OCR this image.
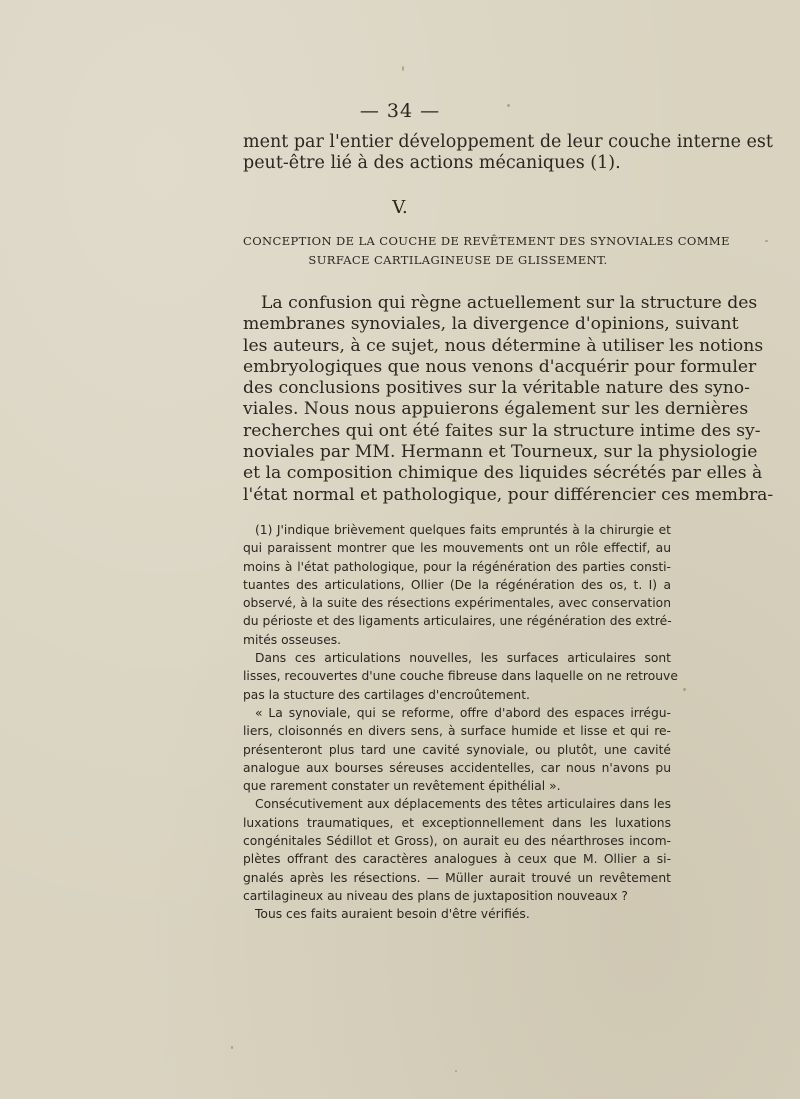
— 34 —
ment par l'entier développement de leur couche interne est
peut-être lié à des actions mécaniques (1).
V.
CONCEPTION DE LA COUCHE DE REVÊTEMENT DES SYNOVIALES COMME
SURFACE CARTILAGINEUSE DE GLISSEMENT.
La confusion qui règne actuellement sur la structure des
membranes synoviales, la divergence d'opinions, suivant
les auteurs, à ce sujet, nous détermine à utiliser les notions
embryologiques que nous venons d'acquérir pour formuler
des conclusions positives sur la véritable nature des syno-
viales. Nous nous appuierons également sur les dernières
recherches qui ont été faites sur la structure intime des sy-
noviales par MM. Hermann et Tourneux, sur la physiologie
et la composition chimique des liquides sécrétés par elles à
l'état normal et pathologique, pour différencier ces membra-
(1) J'indique brièvement quelques faits empruntés à la chirurgie et
qui paraissent montrer que les mouvements ont un rôle effectif, au
moins à l'état pathologique, pour la régénération des parties consti-
tuantes des articulations, Ollier (De la régénération des os, t. I) a
observé, à la suite des résections expérimentales, avec conservation
du périoste et des ligaments articulaires, une régénération des extré-
mités osseuses.
Dans ces articulations nouvelles, les surfaces articulaires sont
lisses, recouvertes d'une couche fibreuse dans laquelle on ne retrouve
pas la stucture des cartilages d'encroûtement.
« La synoviale, qui se reforme, offre d'abord des espaces irrégu-
liers, cloisonnés en divers sens, à surface humide et lisse et qui re-
présenteront plus tard une cavité synoviale, ou plutôt, une cavité
analogue aux bourses séreuses accidentelles, car nous n'avons pu
que rarement constater un revêtement épithélial ».
Consécutivement aux déplacements des têtes articulaires dans les
luxations traumatiques, et exceptionnellement dans les luxations
congénitales Sédillot et Gross), on aurait eu des néarthroses incom-
plètes offrant des caractères analogues à ceux que M. Ollier a si-
gnalés après les résections. — Müller aurait trouvé un revêtement
cartilagineux au niveau des plans de juxtaposition nouveaux ?
Tous ces faits auraient besoin d'être vérifiés.
